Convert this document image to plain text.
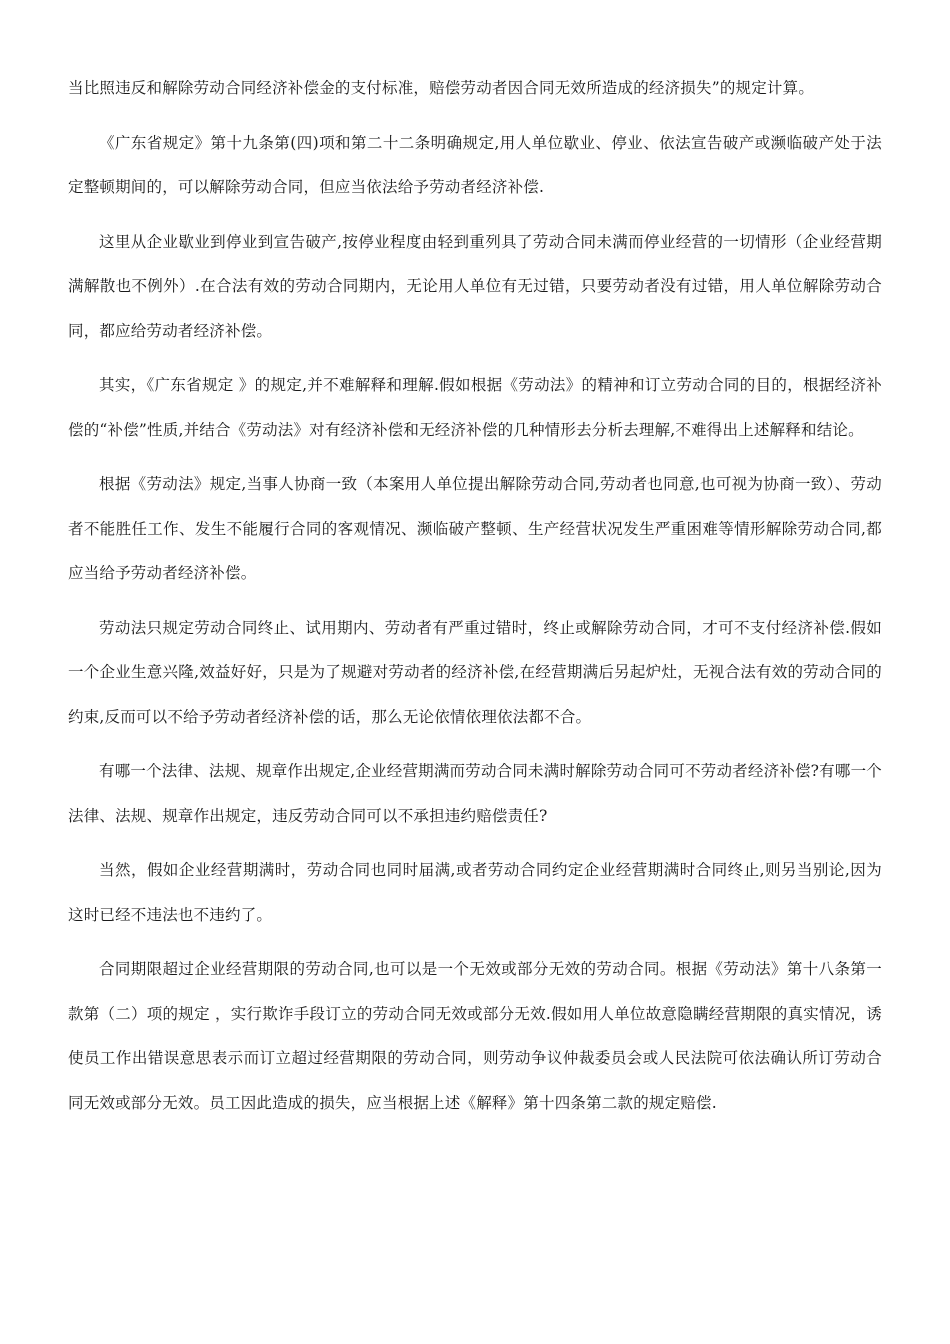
当比照违反和解除劳动合同经济补偿金的支付标准，赔偿劳动者因合同无效所造成的经济损失”的规定计算。

《广东省规定》第十九条第(四)项和第二十二条明确规定,用人单位歇业、停业、依法宣告破产或濒临破产处于法定整顿期间的，可以解除劳动合同，但应当依法给予劳动者经济补偿.

这里从企业歇业到停业到宣告破产,按停业程度由轻到重列具了劳动合同未满而停业经营的一切情形（企业经营期满解散也不例外）.在合法有效的劳动合同期内，无论用人单位有无过错，只要劳动者没有过错，用人单位解除劳动合同，都应给劳动者经济补偿。

其实，《广东省规定 》的规定,并不难解释和理解.假如根据《劳动法》的精神和订立劳动合同的目的，根据经济补偿的“补偿”性质,并结合《劳动法》对有经济补偿和无经济补偿的几种情形去分析去理解,不难得出上述解释和结论。

根据《劳动法》规定,当事人协商一致（本案用人单位提出解除劳动合同,劳动者也同意,也可视为协商一致）、劳动者不能胜任工作、发生不能履行合同的客观情况、濒临破产整顿、生产经营状况发生严重困难等情形解除劳动合同,都应当给予劳动者经济补偿。

劳动法只规定劳动合同终止、试用期内、劳动者有严重过错时，终止或解除劳动合同，才可不支付经济补偿.假如一个企业生意兴隆,效益好好，只是为了规避对劳动者的经济补偿,在经营期满后另起炉灶，无视合法有效的劳动合同的约束,反而可以不给予劳动者经济补偿的话，那么无论依情依理依法都不合。

有哪一个法律、法规、规章作出规定,企业经营期满而劳动合同未满时解除劳动合同可不劳动者经济补偿?有哪一个法律、法规、规章作出规定，违反劳动合同可以不承担违约赔偿责任?

当然，假如企业经营期满时，劳动合同也同时届满,或者劳动合同约定企业经营期满时合同终止,则另当别论,因为这时已经不违法也不违约了。

合同期限超过企业经营期限的劳动合同,也可以是一个无效或部分无效的劳动合同。根据《劳动法》第十八条第一款第（二）项的规定 ，实行欺诈手段订立的劳动合同无效或部分无效.假如用人单位故意隐瞒经营期限的真实情况，诱使员工作出错误意思表示而订立超过经营期限的劳动合同，则劳动争议仲裁委员会或人民法院可依法确认所订劳动合同无效或部分无效。员工因此造成的损失，应当根据上述《解释》第十四条第二款的规定赔偿.
